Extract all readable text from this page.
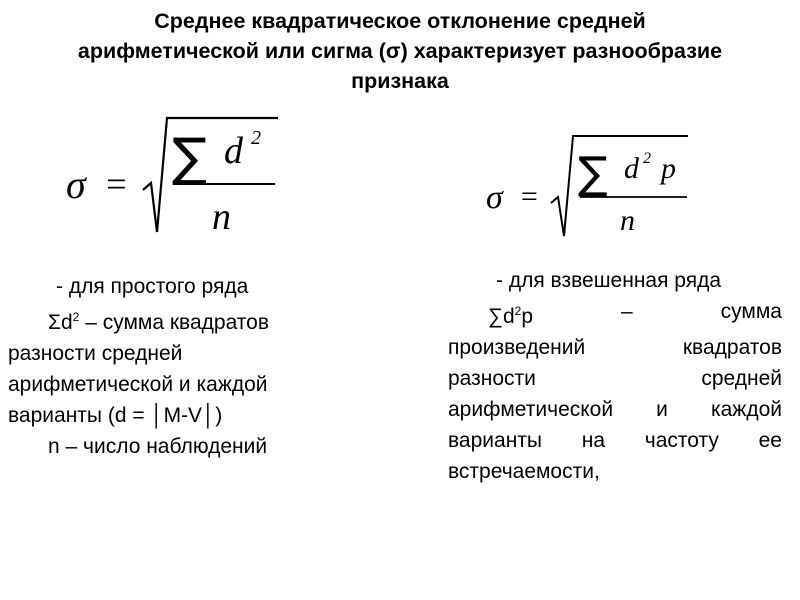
Среднее квадратическое отклонение средней
арифметической или сигма (σ) характеризует разнообразие
признака
σ = ∑ d 2
n	σ = ∑ d 2 p
n
- для простого ряда
$\Sigma d^2$ – сумма квадратов
разности средней
арифметической и каждой
варианты (d = │М-V│)
n – число наблюдений
- для взвешенная ряда
$\sum d^2p$	–	сумма
произведений	квадратов
разности	средней
арифметической и каждой
варианты на частоту ее
встречаемости,
